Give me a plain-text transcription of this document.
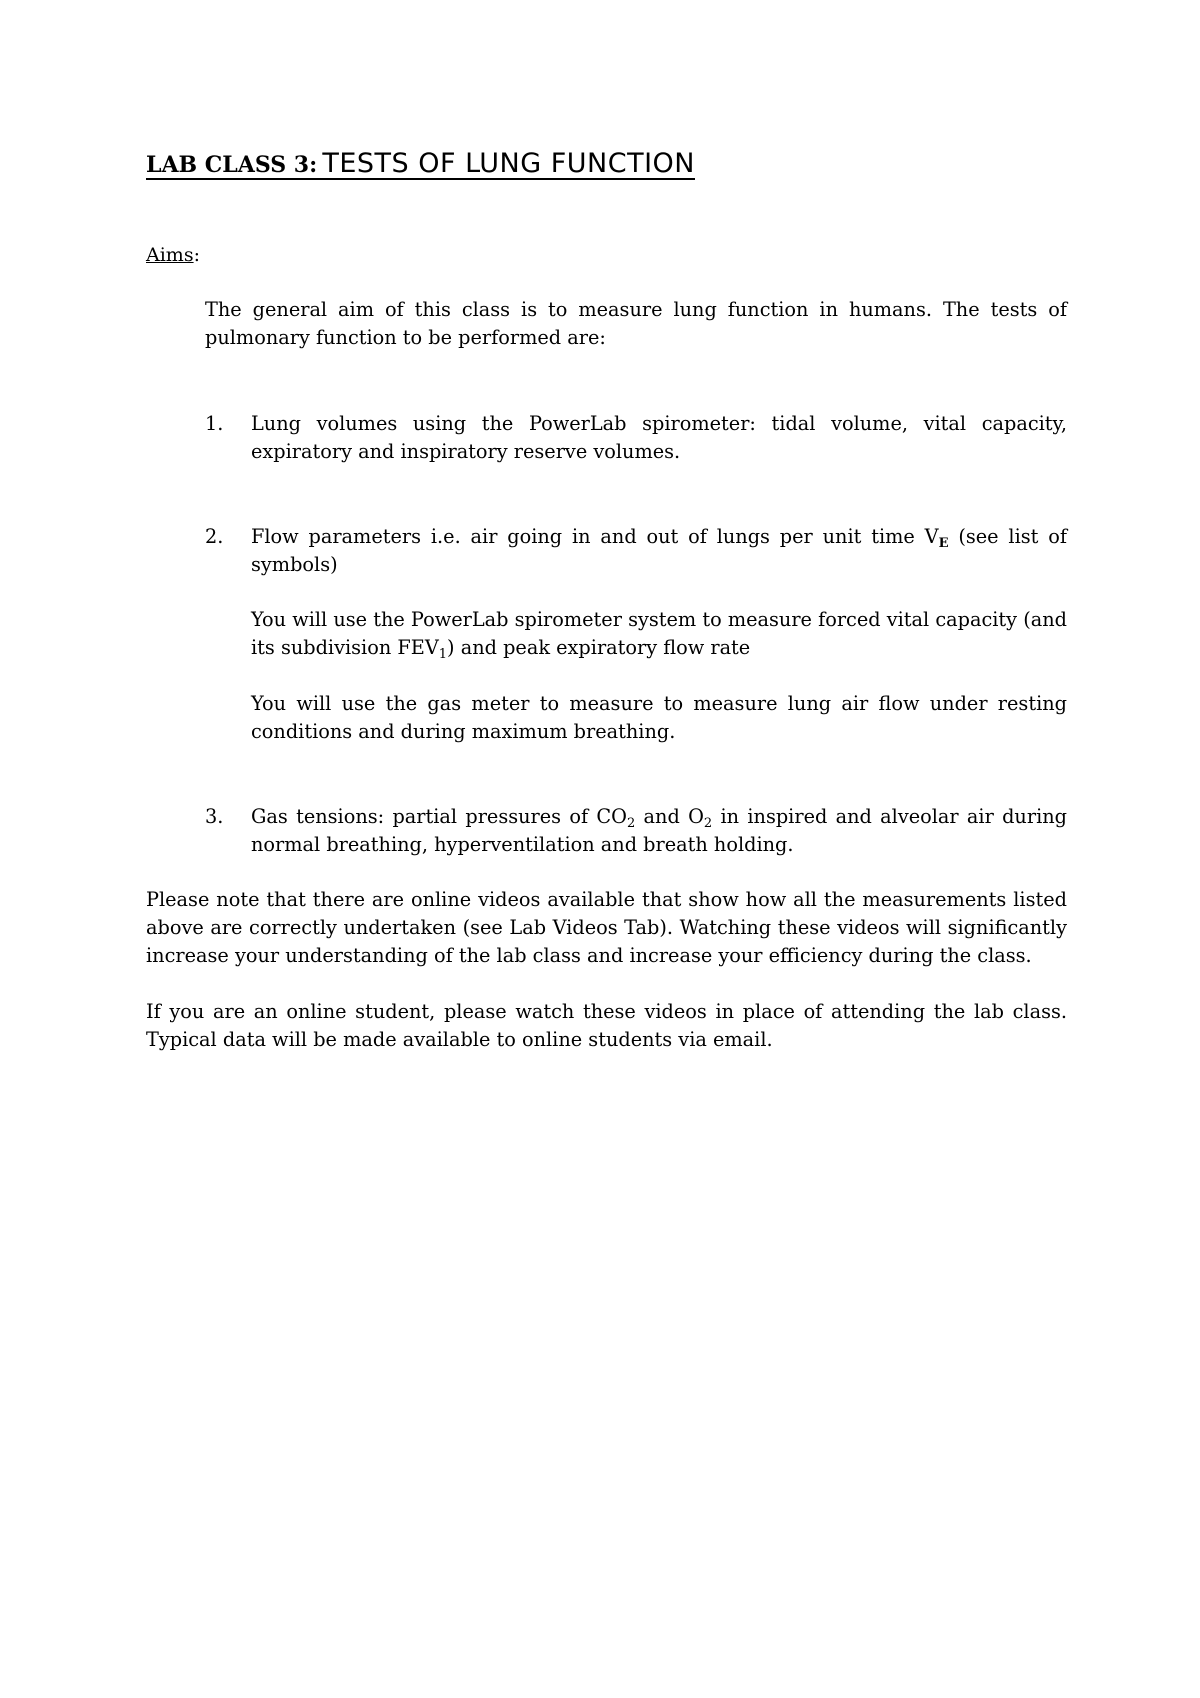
LAB CLASS 3: TESTS OF LUNG FUNCTION
Aims:

The general aim of this class is to measure lung function in humans. The tests of pulmonary function to be performed are:

1. Lung volumes using the PowerLab spirometer: tidal volume, vital capacity, expiratory and inspiratory reserve volumes.

2. Flow parameters i.e. air going in and out of lungs per unit time $V_E$ (see list of symbols)

You will use the PowerLab spirometer system to measure forced vital capacity (and its subdivision $FEV_1$) and peak expiratory flow rate

You will use the gas meter to measure to measure lung air flow under resting conditions and during maximum breathing.

3. Gas tensions: partial pressures of $CO_2$ and $O_2$ in inspired and alveolar air during normal breathing, hyperventilation and breath holding.

Please note that there are online videos available that show how all the measurements listed above are correctly undertaken (see Lab Videos Tab). Watching these videos will significantly increase your understanding of the lab class and increase your efficiency during the class.

If you are an online student, please watch these videos in place of attending the lab class. Typical data will be made available to online students via email.
